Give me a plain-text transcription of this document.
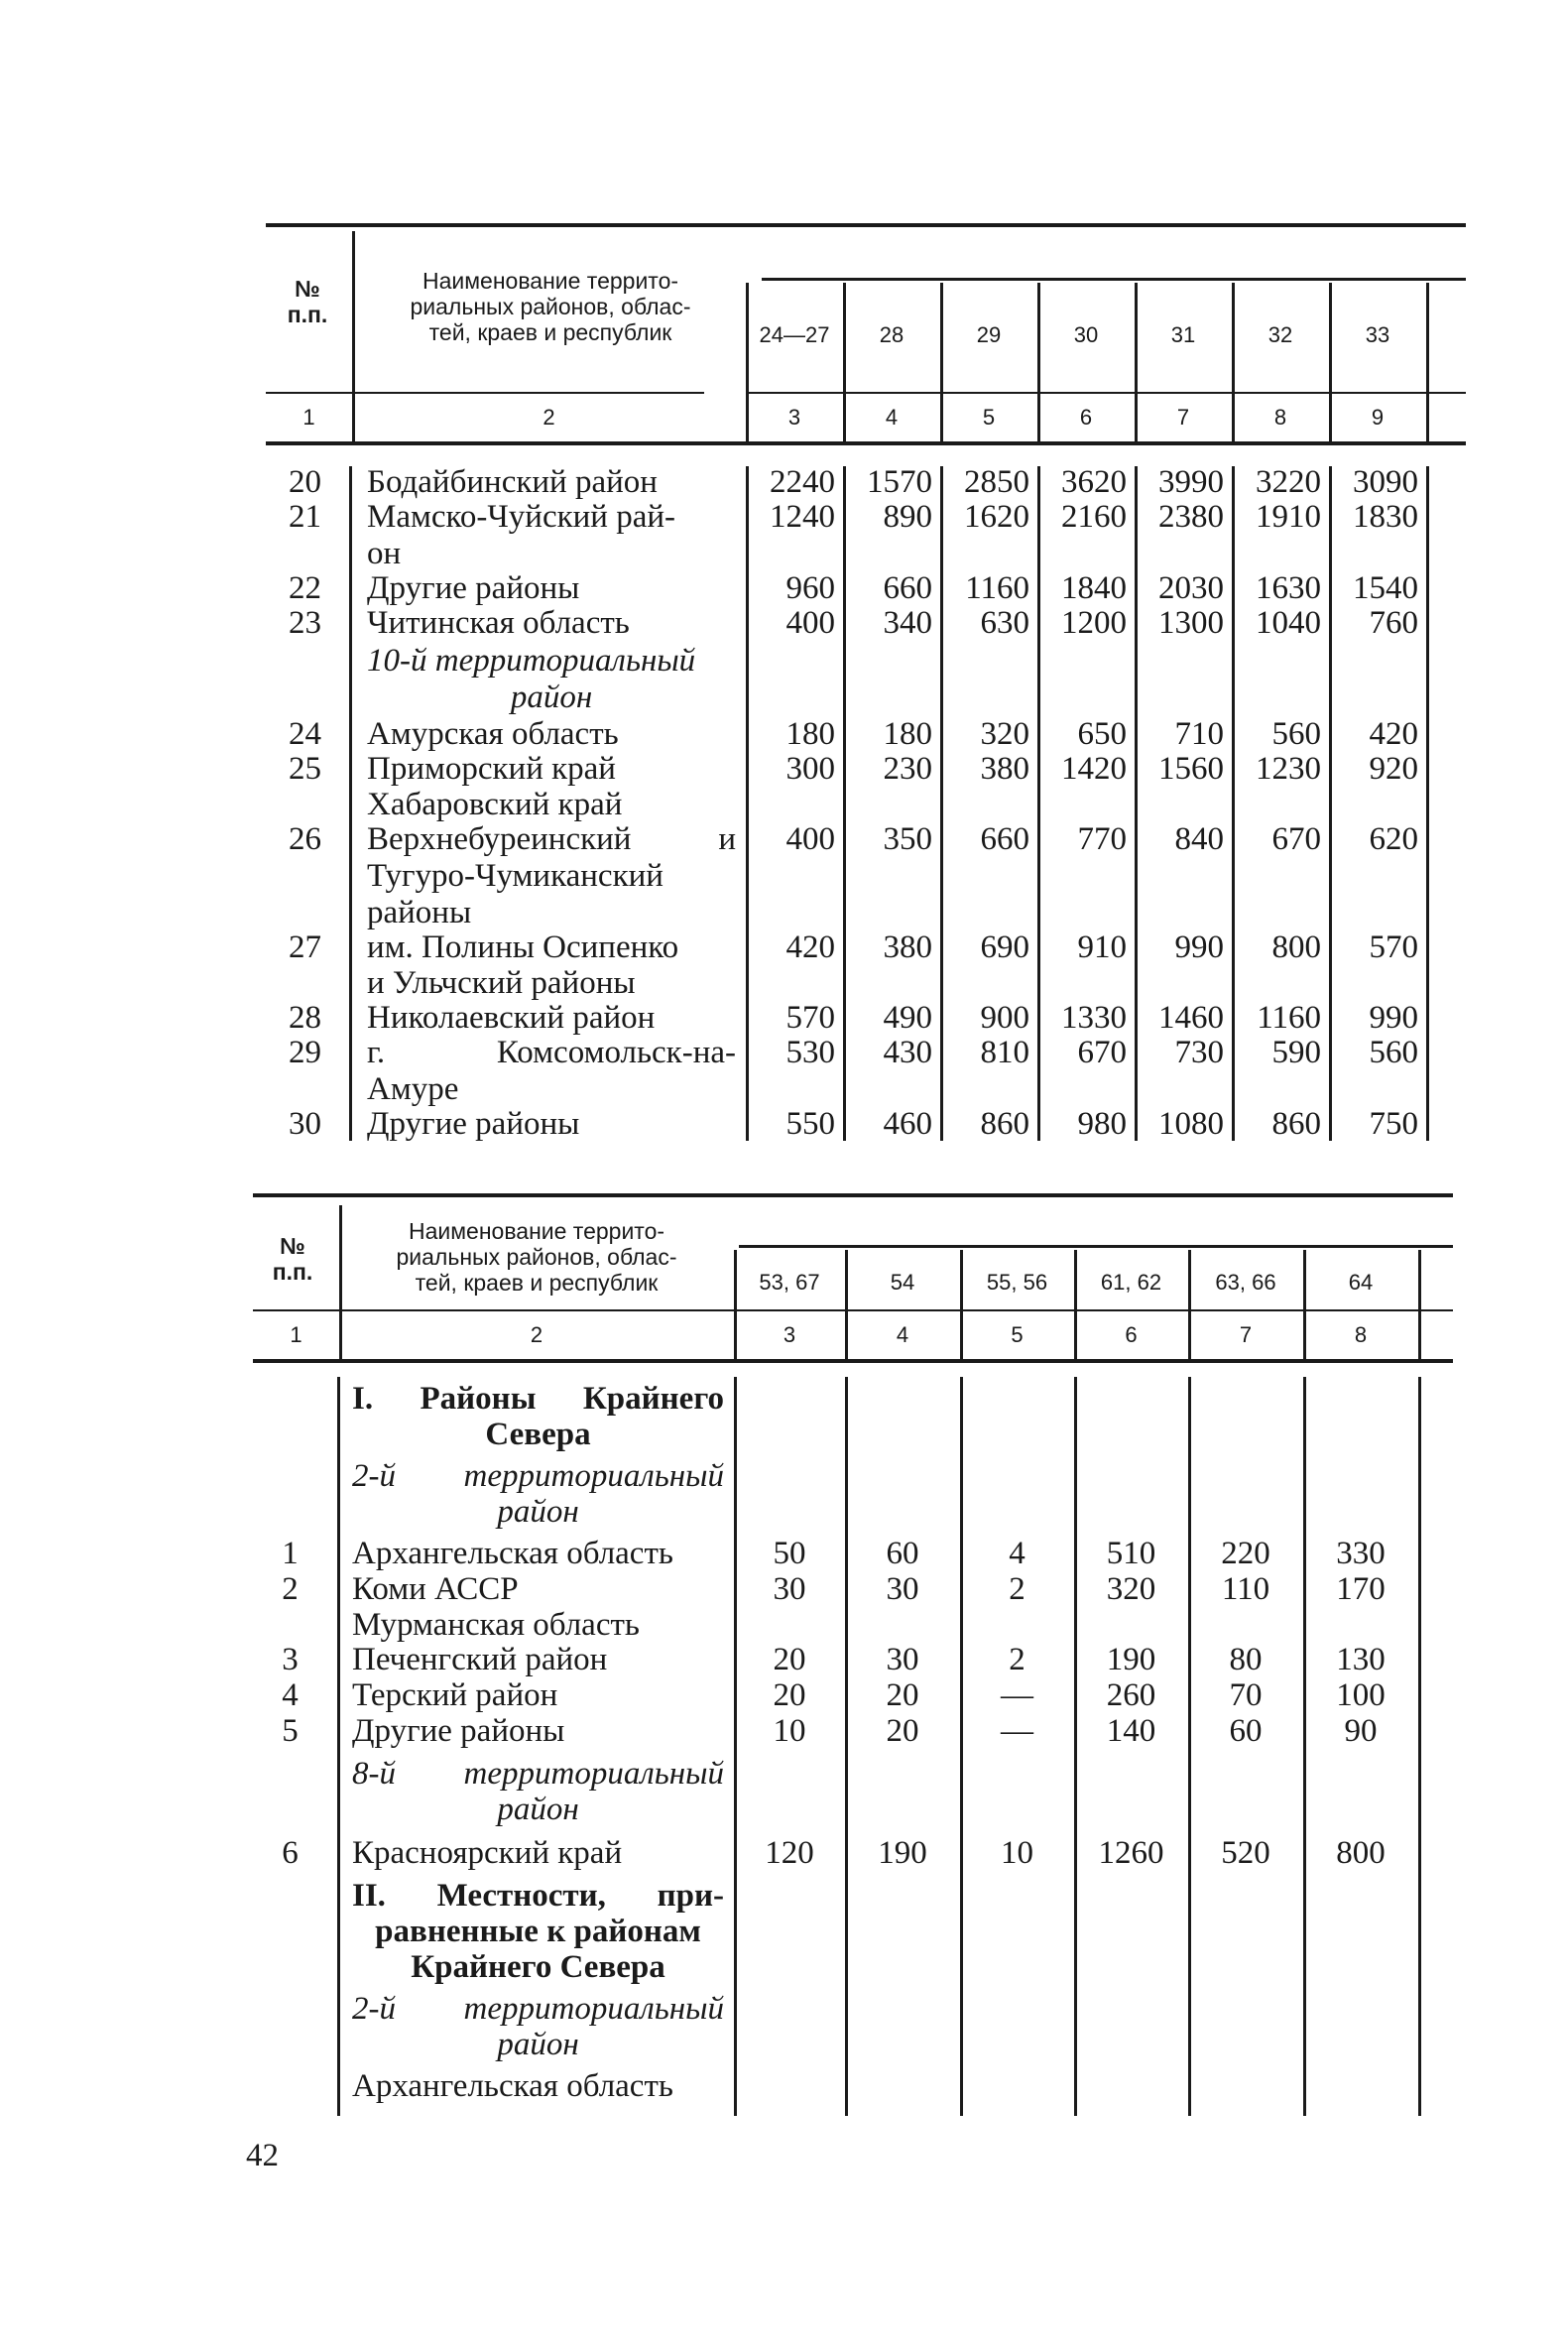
№
п.п.
Наименование террито-
риальных районов, облас-
тей, краев и республик	24—27	28	29	30	31	32	33
1	2	3	4	5	6	7	8	9
20	Бодайбинский район	2240 1570 2850 3620 3990 3220 3090
21	Мамско-Чуйский рай-	1240	890 1620 2160 2380 1910 1830
он
22	Другие районы	960	660	1160 1840 2030 1630 1540
23	Читинская область	400	340	630 1200 1300 1040	760
10-й территориальный
район
24	Амурская область	180	180	320	650	710	560	420
25	Приморский край	300	230	380 1420 1560 1230	920
Хабаровский край
26	Верхнебуреинский и	400	350	660	770	840	670	620
Тугуро-Чумиканский
районы
27	им. Полины Осипенко	420	380	690	910	990	800	570
и Ульчский районы
28	Николаевский район	570	490	900 1330 1460	1160	990
29	г. Комсомольск-на-	530	430	810	670	730	590	560
Амуре
30	Другие районы	550	460	860	980 1080	860	750
№
п.п.
Наименование террито-
риальных районов, облас-
тей, краев и республик	53, 67	54	55, 56	61, 62	63, 66	64
1	2	3	4	5	6	7	8
I. Районы Крайнего
Севера
2-й территориальный
район
1	Архангельская область	50	60	4	510	220	330
2	Коми АССР	30	30	2	320	110	170
Мурманская область
3	Печенгский район	20	30	2	190	80	130
4	Терский район	20	20	—	260	70	100
5	Другие районы	10	20	—	140	60	90
8-й территориальный
район
6	Красноярский край	120	190	10	1260	520	800
II. Местности, при-
равненные к районам
Крайнего Севера
2-й территориальный
район
Архангельская область
42
